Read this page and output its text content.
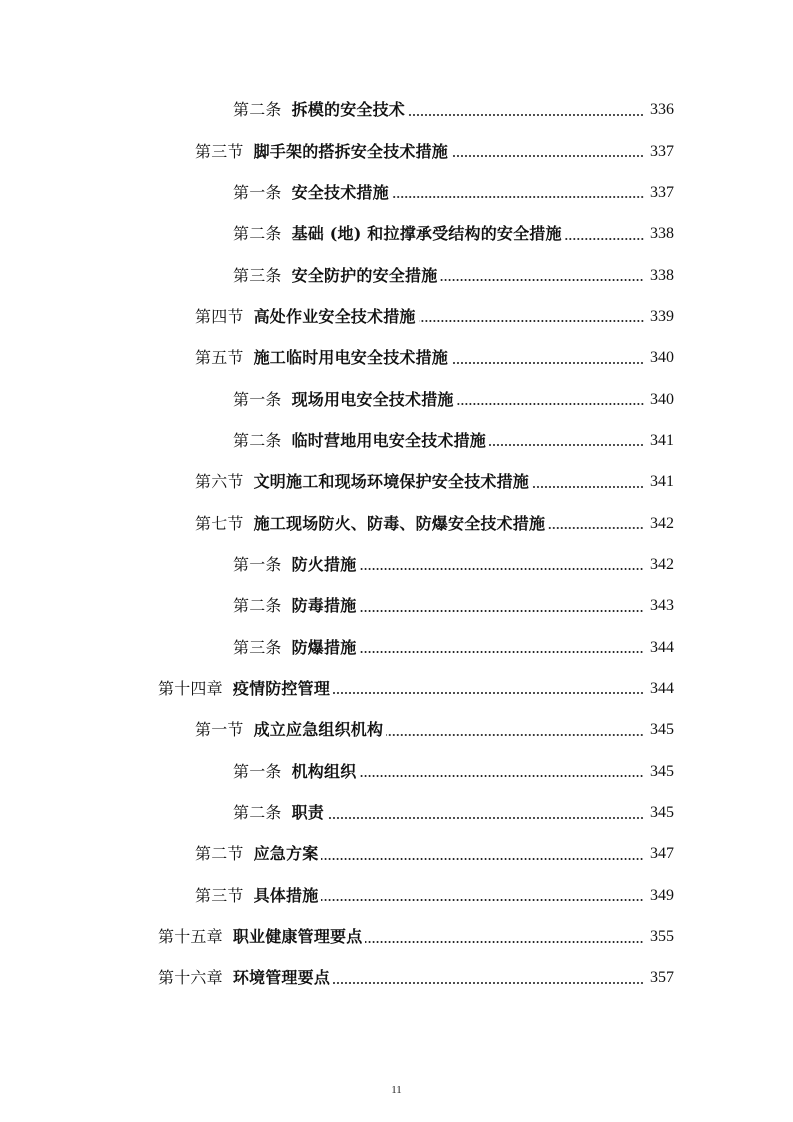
第二条 拆模的安全技术	336
第三节 脚手架的搭拆安全技术措施	337
第一条 安全技术措施	337
第二条 基础 (地) 和拉撑承受结构的安全措施	338
第三条 安全防护的安全措施	338
第四节 高处作业安全技术措施	339
第五节 施工临时用电安全技术措施	340
第一条 现场用电安全技术措施	340
第二条 临时营地用电安全技术措施	341
第六节 文明施工和现场环境保护安全技术措施	341
第七节 施工现场防火、防毒、防爆安全技术措施	342
第一条 防火措施	342
第二条 防毒措施	343
第三条 防爆措施	344
第十四章 疫情防控管理	344
第一节 成立应急组织机构	345
第一条 机构组织	345
第二条 职责	345
第二节 应急方案	347
第三节 具体措施	349
第十五章 职业健康管理要点	355
第十六章 环境管理要点	357
11
